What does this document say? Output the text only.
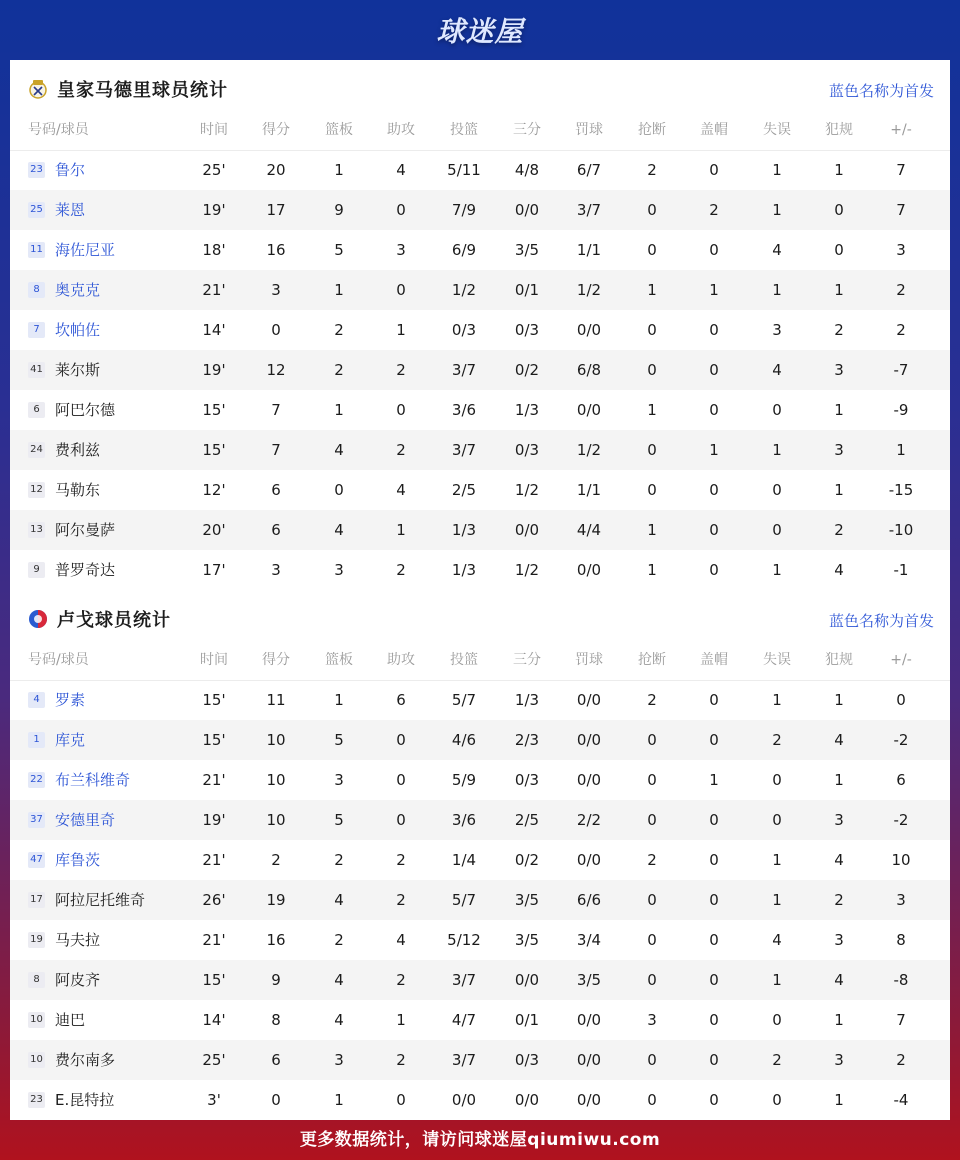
球迷屋
皇家马德里球员统计	蓝色名称为首发
号码/球员	时间	得分	篮板	助攻	投篮	三分	罚球	抢断	盖帽	失误	犯规	+/-
23 鲁尔	25'	20	1	4	5/11	4/8	6/7	2	0	1	1	7
25 莱恩	19'	17	9	0	7/9	0/0	3/7	0	2	1	0	7
11 海佐尼亚	18'	16	5	3	6/9	3/5	1/1	0	0	4	0	3
8	奥克克	21'	3	1	0	1/2	0/1	1/2	1	1	1	1	2
7	坎帕佐	14'	0	2	1	0/3	0/3	0/0	0	0	3	2	2
41 莱尔斯	19'	12	2	2	3/7	0/2	6/8	0	0	4	3	-7
6	阿巴尔德	15'	7	1	0	3/6	1/3	0/0	1	0	0	1	-9
24 费利兹	15'	7	4	2	3/7	0/3	1/2	0	1	1	3	1
12 马勒东	12'	6	0	4	2/5	1/2	1/1	0	0	0	1	-15
13 阿尔曼萨	20'	6	4	1	1/3	0/0	4/4	1	0	0	2	-10
9	普罗奇达	17'	3	3	2	1/3	1/2	0/0	1	0	1	4	-1
卢戈球员统计	蓝色名称为首发
号码/球员	时间	得分	篮板	助攻	投篮	三分	罚球	抢断	盖帽	失误	犯规	+/-
4	罗素	15'	11	1	6	5/7	1/3	0/0	2	0	1	1	0
1	库克	15'	10	5	0	4/6	2/3	0/0	0	0	2	4	-2
22 布兰科维奇	21'	10	3	0	5/9	0/3	0/0	0	1	0	1	6
37 安德里奇	19'	10	5	0	3/6	2/5	2/2	0	0	0	3	-2
47 库鲁茨	21'	2	2	2	1/4	0/2	0/0	2	0	1	4	10
17 阿拉尼托维奇	26'	19	4	2	5/7	3/5	6/6	0	0	1	2	3
19 马夫拉	21'	16	2	4	5/12	3/5	3/4	0	0	4	3	8
8	阿皮齐	15'	9	4	2	3/7	0/0	3/5	0	0	1	4	-8
10 迪巴	14'	8	4	1	4/7	0/1	0/0	3	0	0	1	7
10 费尔南多	25'	6	3	2	3/7	0/3	0/0	0	0	2	3	2
23 E.昆特拉	3'	0	1	0	0/0	0/0	0/0	0	0	0	1	-4
更多数据统计，请访问球迷屋qiumiwu.com
